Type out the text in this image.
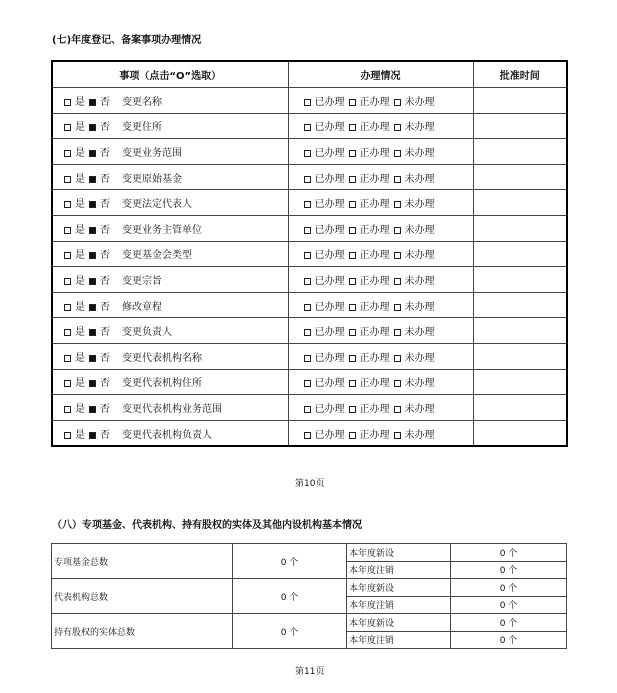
(七)年度登记、备案事项办理情况
事项（点击“O”选取）	办理情况	批准时间
是 否 变更名称	已办理 正办理 未办理	
是 否 变更住所	已办理 正办理 未办理	
是 否 变更业务范围	已办理 正办理 未办理	
是 否 变更原始基金	已办理 正办理 未办理	
是 否 变更法定代表人	已办理 正办理 未办理	
是 否 变更业务主管单位	已办理 正办理 未办理	
是 否 变更基金会类型	已办理 正办理 未办理	
是 否 变更宗旨	已办理 正办理 未办理	
是 否 修改章程	已办理 正办理 未办理	
是 否 变更负责人	已办理 正办理 未办理	
是 否 变更代表机构名称	已办理 正办理 未办理	
是 否 变更代表机构住所	已办理 正办理 未办理	
是 否 变更代表机构业务范围	已办理 正办理 未办理	
是 否 变更代表机构负责人	已办理 正办理 未办理	
第10页
（八）专项基金、代表机构、持有股权的实体及其他内设机构基本情况
专项基金总数	0 个	本年度新设	0 个
		本年度注销	0 个
代表机构总数	0 个	本年度新设	0 个
		本年度注销	0 个
持有股权的实体总数	0 个	本年度新设	0 个
		本年度注销	0 个
第11页
